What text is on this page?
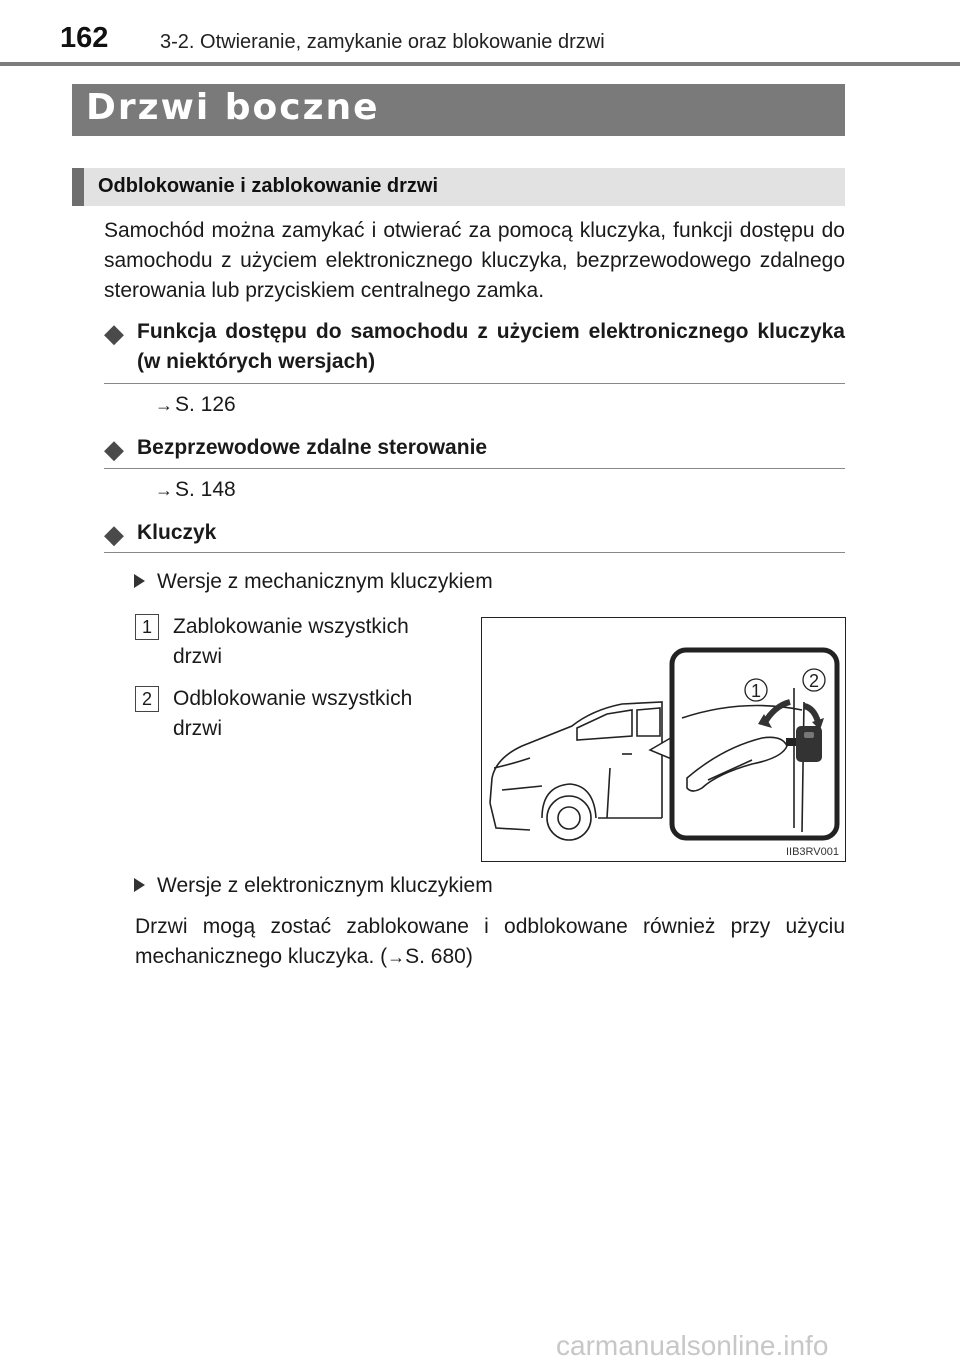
162	3-2. Otwieranie, zamykanie oraz blokowanie drzwi
Drzwi boczne
Odblokowanie i zablokowanie drzwi
Samochód można zamykać i otwierać za pomocą kluczyka, funkcji dostępu do samochodu z użyciem elektronicznego kluczyka, bezprzewodowego zdalnego sterowania lub przyciskiem centralnego zamka.
◆ Funkcja dostępu do samochodu z użyciem elektronicznego kluczyka (w niektórych wersjach)
→S. 126
◆ Bezprzewodowe zdalne sterowanie
→S. 148
◆ Kluczyk
Wersje z mechanicznym kluczykiem
1	Zablokowanie wszystkich drzwi
2	Odblokowanie wszystkich drzwi
1	2
IIB3RV001
Wersje z elektronicznym kluczykiem
Drzwi mogą zostać zablokowane i odblokowane również przy użyciu mechanicznego kluczyka. (→S. 680)
carmanualsonline.info
